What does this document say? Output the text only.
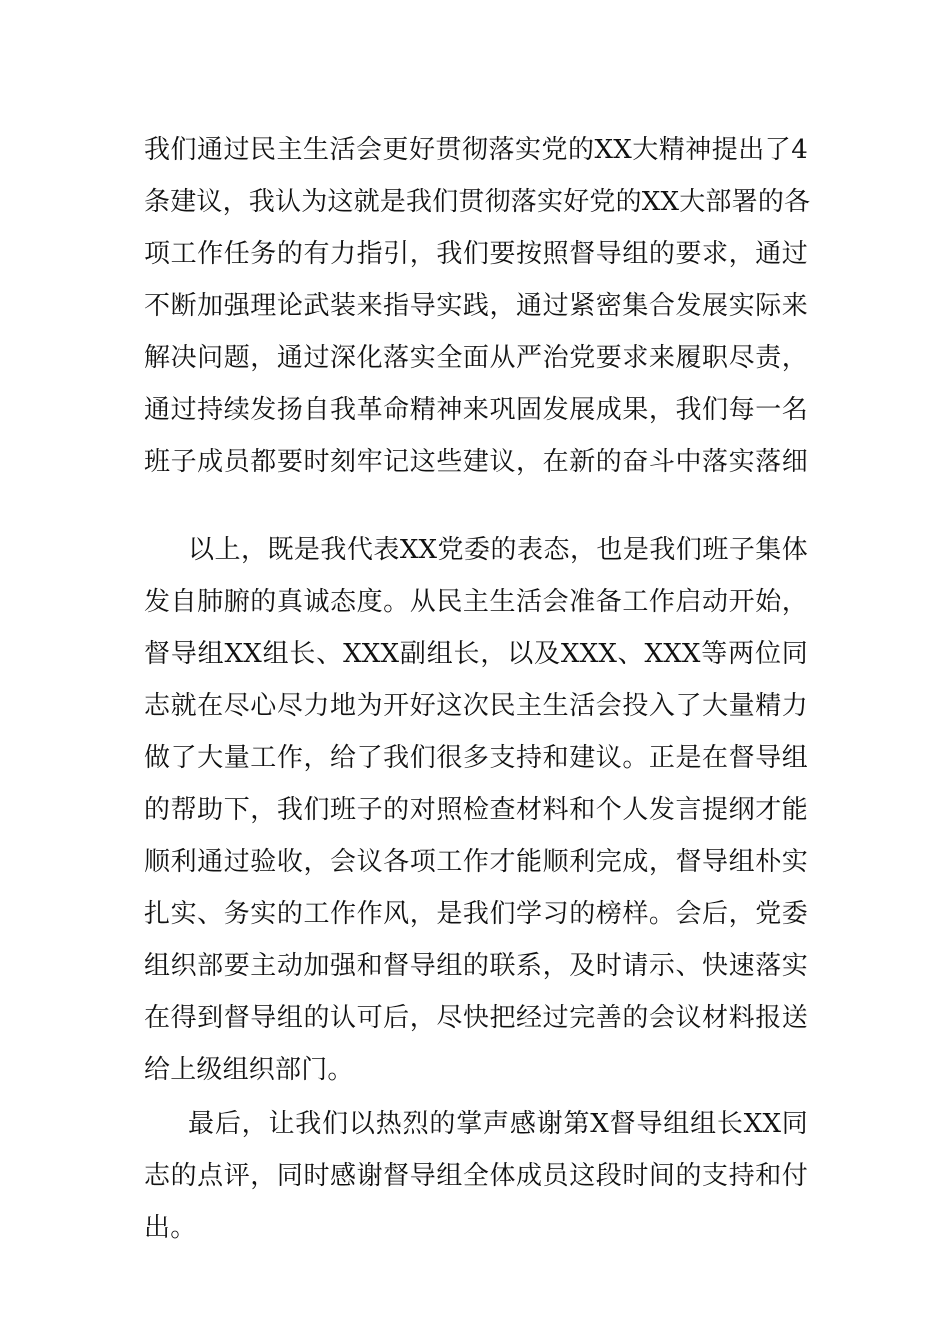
我们通过民主生活会更好贯彻落实党的XX大精神提出了4
条建议，我认为这就是我们贯彻落实好党的XX大部署的各
项工作任务的有力指引，我们要按照督导组的要求，通过
不断加强理论武装来指导实践，通过紧密集合发展实际来
解决问题，通过深化落实全面从严治党要求来履职尽责，
通过持续发扬自我革命精神来巩固发展成果，我们每一名
班子成员都要时刻牢记这些建议，在新的奋斗中落实落细
以上，既是我代表XX党委的表态，也是我们班子集体
发自肺腑的真诚态度。从民主生活会准备工作启动开始，
督导组XX组长、XXX副组长，以及XXX、XXX等两位同
志就在尽心尽力地为开好这次民主生活会投入了大量精力
做了大量工作，给了我们很多支持和建议。正是在督导组
的帮助下，我们班子的对照检查材料和个人发言提纲才能
顺利通过验收，会议各项工作才能顺利完成，督导组朴实
扎实、务实的工作作风，是我们学习的榜样。会后，党委
组织部要主动加强和督导组的联系，及时请示、快速落实
在得到督导组的认可后，尽快把经过完善的会议材料报送
给上级组织部门。
最后，让我们以热烈的掌声感谢第X督导组组长XX同
志的点评，同时感谢督导组全体成员这段时间的支持和付
出。
